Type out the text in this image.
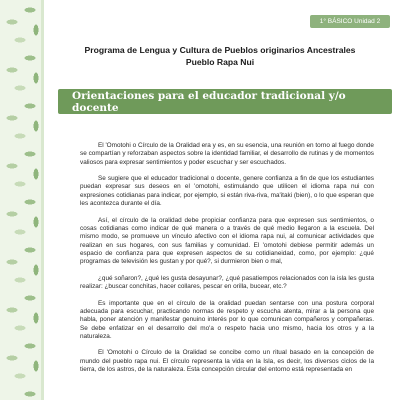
1° BÁSICO Unidad 2
Programa de Lengua y Cultura de Pueblos originarios Ancestrales
Pueblo Rapa Nui
Orientaciones para el educador tradicional y/o docente

El 'Omotohi o Círculo de la Oralidad era y es, en su esencia, una reunión en torno al fuego donde se compartían y reforzaban aspectos sobre la identidad familiar, el desarrollo de rutinas y de momentos valiosos para expresar sentimientos y poder escuchar y ser escuchados.

Se sugiere que el educador tradicional o docente, genere confianza a fin de que los estudiantes puedan expresar sus deseos en el 'omotohi, estimulando que utilicen el idioma rapa nui con expresiones cotidianas para indicar, por ejemplo, si están riva-riva, ma'itaki (bien), o lo que esperan que les acontezca durante el día.

Así, el círculo de la oralidad debe propiciar confianza para que expresen sus sentimientos, o cosas cotidianas como indicar de qué manera o a través de qué medio llegaron a la escuela. Del mismo modo, se promueve un vínculo afectivo con el idioma rapa nui, al comunicar actividades que realizan en sus hogares, con sus familias y comunidad. El 'omotohi debiese permitir además un espacio de confianza para que expresen aspectos de su cotidianeidad, como, por ejemplo: ¿qué programas de televisión les gustan y por qué?, si durmieron bien o mal,

¿qué soñaron?, ¿qué les gusta desayunar?, ¿qué pasatiempos relacionados con la isla les gusta realizar: ¿buscar conchitas, hacer collares, pescar en orilla, bucear, etc.?

Es importante que en el círculo de la oralidad puedan sentarse con una postura corporal adecuada para escuchar, practicando normas de respeto y escucha atenta, mirar a la persona que habla, poner atención y manifestar genuino interés por lo que comunican compañeros y compañeras. Se debe enfatizar en el desarrollo del mo'a o respeto hacia uno mismo, hacia los otros y a la naturaleza.

El 'Omotohi o Círculo de la Oralidad se concibe como un ritual basado en la concepción de mundo del pueblo rapa nui. El círculo representa la vida en la Isla, es decir, los diversos ciclos de la tierra, de los astros, de la naturaleza. Esta concepción circular del entorno está representada en
